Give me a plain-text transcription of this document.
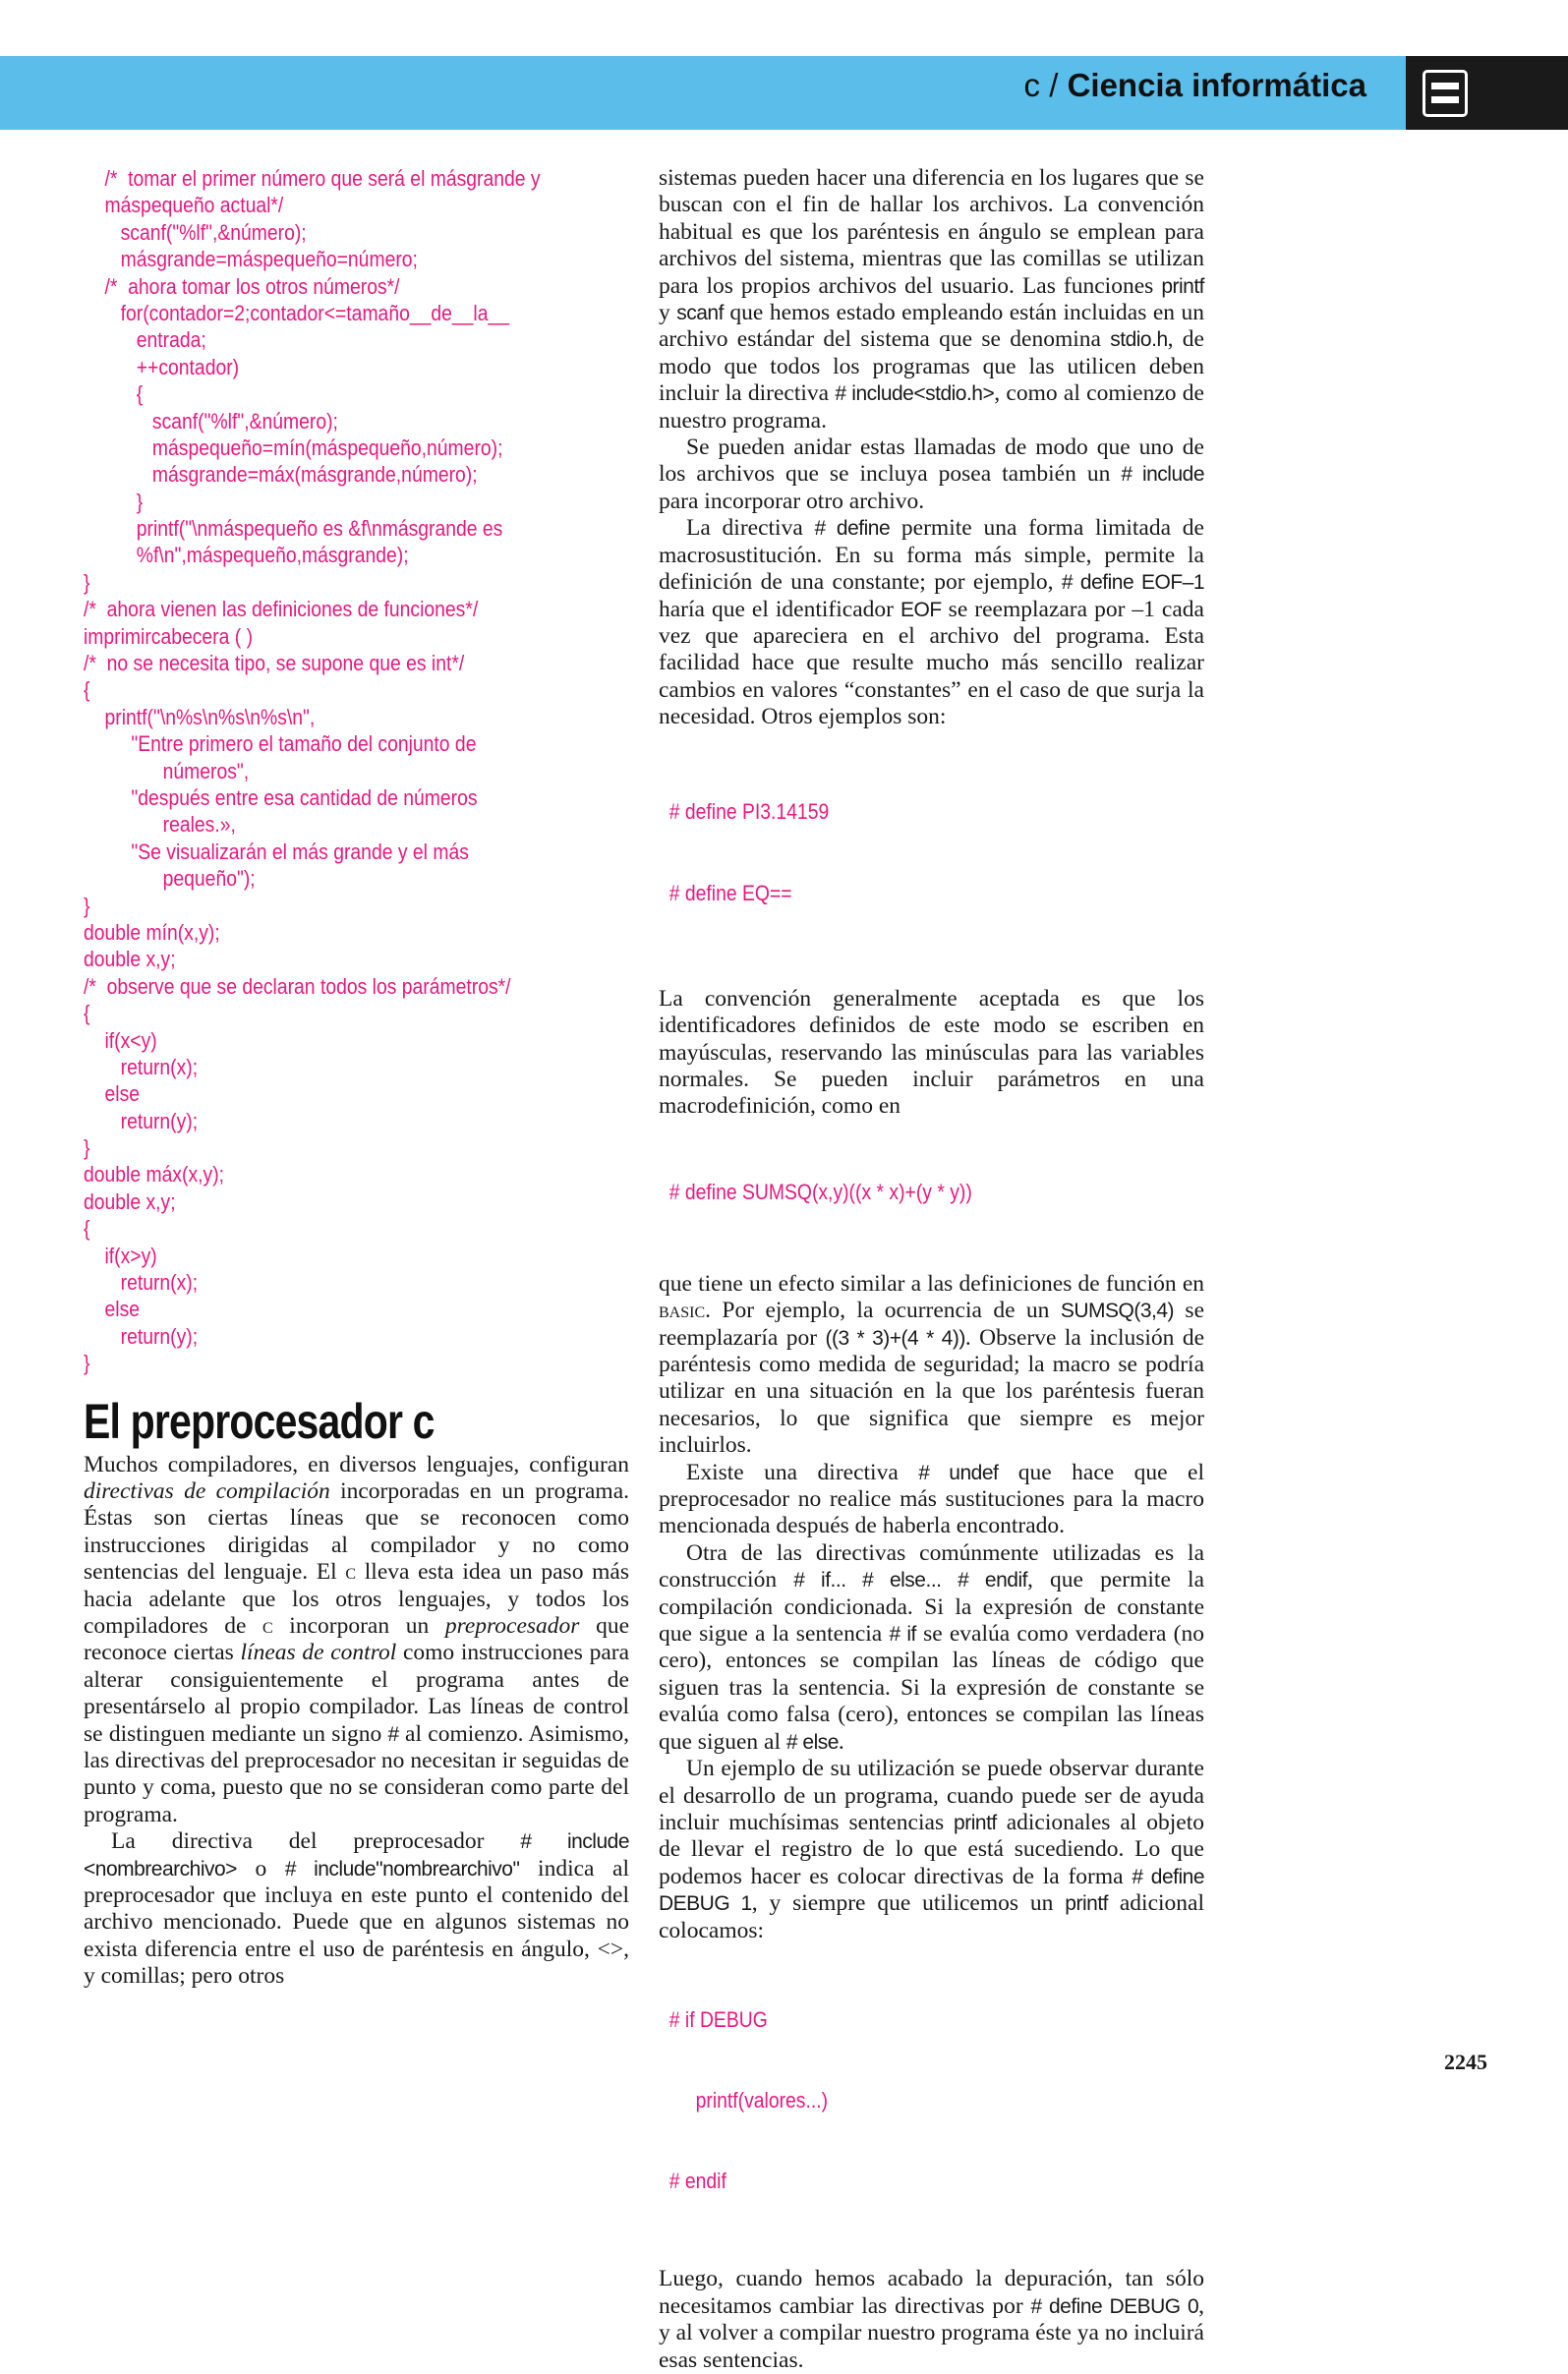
c / Ciencia informática
/*  tomar el primer número que será el másgrande y
máspequeño actual*/
scanf("%lf",&número);
másgrande=máspequeño=número;
/*  ahora tomar los otros números*/
for(contador=2;contador<=tamaño__de__la__
entrada;
++contador)
{
scanf("%lf",&número);
máspequeño=mín(máspequeño,número);
másgrande=máx(másgrande,número);
}
printf("\nmáspequeño es &f\nmásgrande es
%f\n",máspequeño,másgrande);
}
/*  ahora vienen las definiciones de funciones*/
imprimircabecera ( )
/*  no se necesita tipo, se supone que es int*/
{
printf("\n%s\n%s\n%s\n",
"Entre primero el tamaño del conjunto de
números",
"después entre esa cantidad de números
reales.»,
"Se visualizarán el más grande y el más
pequeño");
}
double mín(x,y);
double x,y;
/*  observe que se declaran todos los parámetros*/
{
if(x<y)
return(x);
else
return(y);
}
double máx(x,y);
double x,y;
{
if(x>y)
return(x);
else
return(y);
}
El preprocesador c

Muchos compiladores, en diversos lenguajes, configuran directivas de compilación incorporadas en un programa. Éstas son ciertas líneas que se reconocen como instrucciones dirigidas al compilador y no como sentencias del lenguaje. El c lleva esta idea un paso más hacia adelante que los otros lenguajes, y todos los compiladores de c incorporan un preprocesador que reconoce ciertas líneas de control como instrucciones para alterar consiguientemente el programa antes de presentárselo al propio compilador. Las líneas de control se distinguen mediante un signo # al comienzo. Asimismo, las directivas del preprocesador no necesitan ir seguidas de punto y coma, puesto que no se consideran como parte del programa.

La directiva del preprocesador # include <nombrearchivo> o # include"nombrearchivo" indica al preprocesador que incluya en este punto el contenido del archivo mencionado. Puede que en algunos sistemas no exista diferencia entre el uso de paréntesis en ángulo, <>, y comillas; pero otros

sistemas pueden hacer una diferencia en los lugares que se buscan con el fin de hallar los archivos. La convención habitual es que los paréntesis en ángulo se emplean para archivos del sistema, mientras que las comillas se utilizan para los propios archivos del usuario. Las funciones printf y scanf que hemos estado empleando están incluidas en un archivo estándar del sistema que se denomina stdio.h, de modo que todos los programas que las utilicen deben incluir la directiva # include<stdio.h>, como al comienzo de nuestro programa.

Se pueden anidar estas llamadas de modo que uno de los archivos que se incluya posea también un # include para incorporar otro archivo.

La directiva # define permite una forma limitada de macrosustitución. En su forma más simple, permite la definición de una constante; por ejemplo, # define EOF–1 haría que el identificador EOF se reemplazara por –1 cada vez que apareciera en el archivo del programa. Esta facilidad hace que resulte mucho más sencillo realizar cambios en valores “constantes” en el caso de que surja la necesidad. Otros ejemplos son:

# define PI3.14159

# define EQ==

La convención generalmente aceptada es que los identificadores definidos de este modo se escriben en mayúsculas, reservando las minúsculas para las variables normales. Se pueden incluir parámetros en una macrodefinición, como en

# define SUMSQ(x,y)((x * x)+(y * y))

que tiene un efecto similar a las definiciones de función en basic. Por ejemplo, la ocurrencia de un SUMSQ(3,4) se reemplazaría por ((3 * 3)+(4 * 4)). Observe la inclusión de paréntesis como medida de seguridad; la macro se podría utilizar en una situación en la que los paréntesis fueran necesarios, lo que significa que siempre es mejor incluirlos.

Existe una directiva # undef que hace que el preprocesador no realice más sustituciones para la macro mencionada después de haberla encontrado.

Otra de las directivas comúnmente utilizadas es la construcción # if... # else... # endif, que permite la compilación condicionada. Si la expresión de constante que sigue a la sentencia # if se evalúa como verdadera (no cero), entonces se compilan las líneas de código que siguen tras la sentencia. Si la expresión de constante se evalúa como falsa (cero), entonces se compilan las líneas que siguen al # else.

Un ejemplo de su utilización se puede observar durante el desarrollo de un programa, cuando puede ser de ayuda incluir muchísimas sentencias printf adicionales al objeto de llevar el registro de lo que está sucediendo. Lo que podemos hacer es colocar directivas de la forma # define DEBUG 1, y siempre que utilicemos un printf adicional colocamos:

# if DEBUG

printf(valores...)

# endif

Luego, cuando hemos acabado la depuración, tan sólo necesitamos cambiar las directivas por # define DEBUG 0, y al volver a compilar nuestro programa éste ya no incluirá esas sentencias.

2245
